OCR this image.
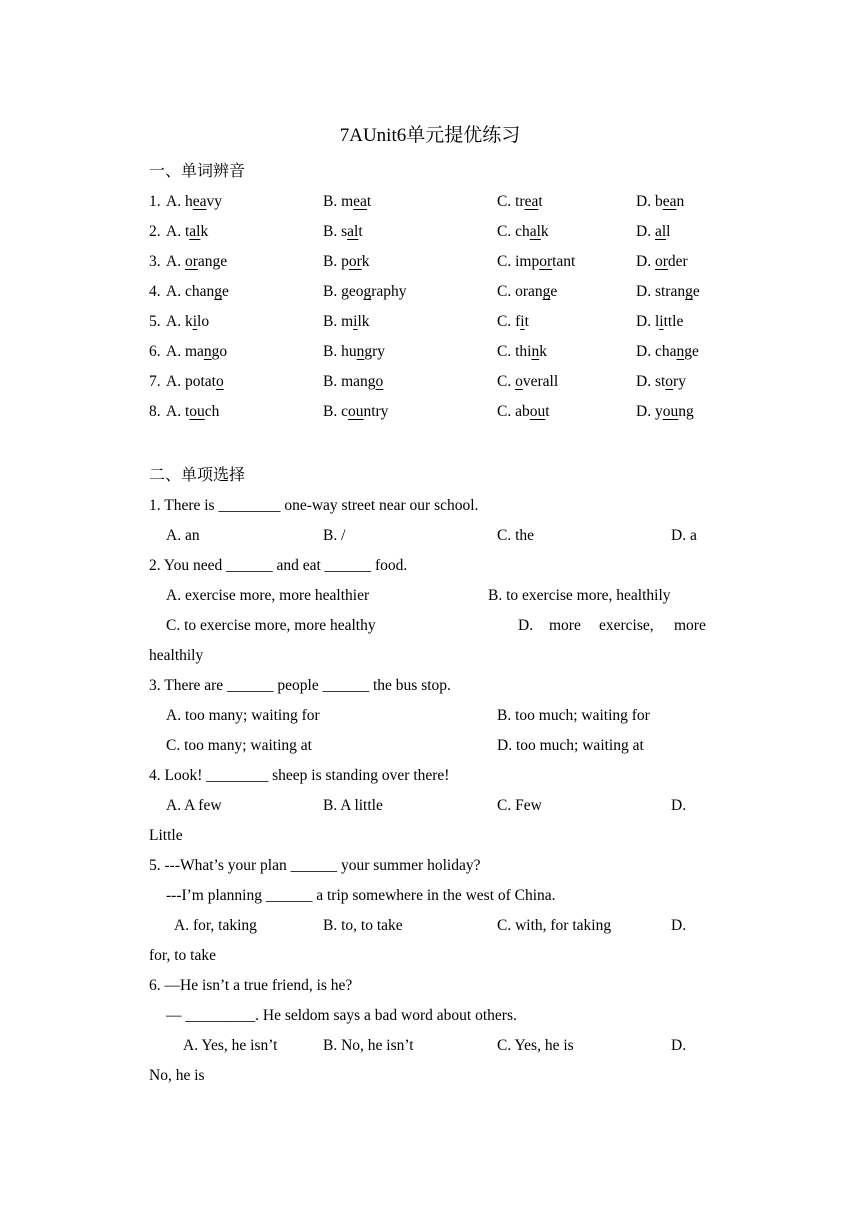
7AUnit6单元提优练习
一、单词辨音
1. A. heavy	B. meat	C. treat	D. bean
2. A. talk	B. salt	C. chalk	D. all
3. A. orange	B. pork	C. important	D. order
4. A. change	B. geography	C. orange	D. strange
5. A. kilo	B. milk	C. fit	D. little
6. A. mango	B. hungry	C. think	D. change
7. A. potato	B. mango	C. overall	D. story
8. A. touch	B. country	C. about	D. young
二、单项选择
1. There is ________ one-way street near our school.
A. an	B. /	C. the	D. a
2. You need ______ and eat ______ food.
A. exercise more, more healthier	B. to exercise more, healthily
C. to exercise more, more healthy	D. more exercise, more
healthily
3. There are ______ people ______ the bus stop.
A. too many; waiting for	B. too much; waiting for
C. too many; waiting at	D. too much; waiting at
4. Look! ________ sheep is standing over there!
A. A few	B. A little	C. Few	D.
Little
5. ---What’s your plan ______ your summer holiday?
---I’m planning ______ a trip somewhere in the west of China.
A. for, taking	B. to, to take	C. with, for taking	D.
for, to take
6. —He isn’t a true friend, is he?
— _________. He seldom says a bad word about others.
A. Yes, he isn’t	B. No, he isn’t	C. Yes, he is	D.
No, he is
